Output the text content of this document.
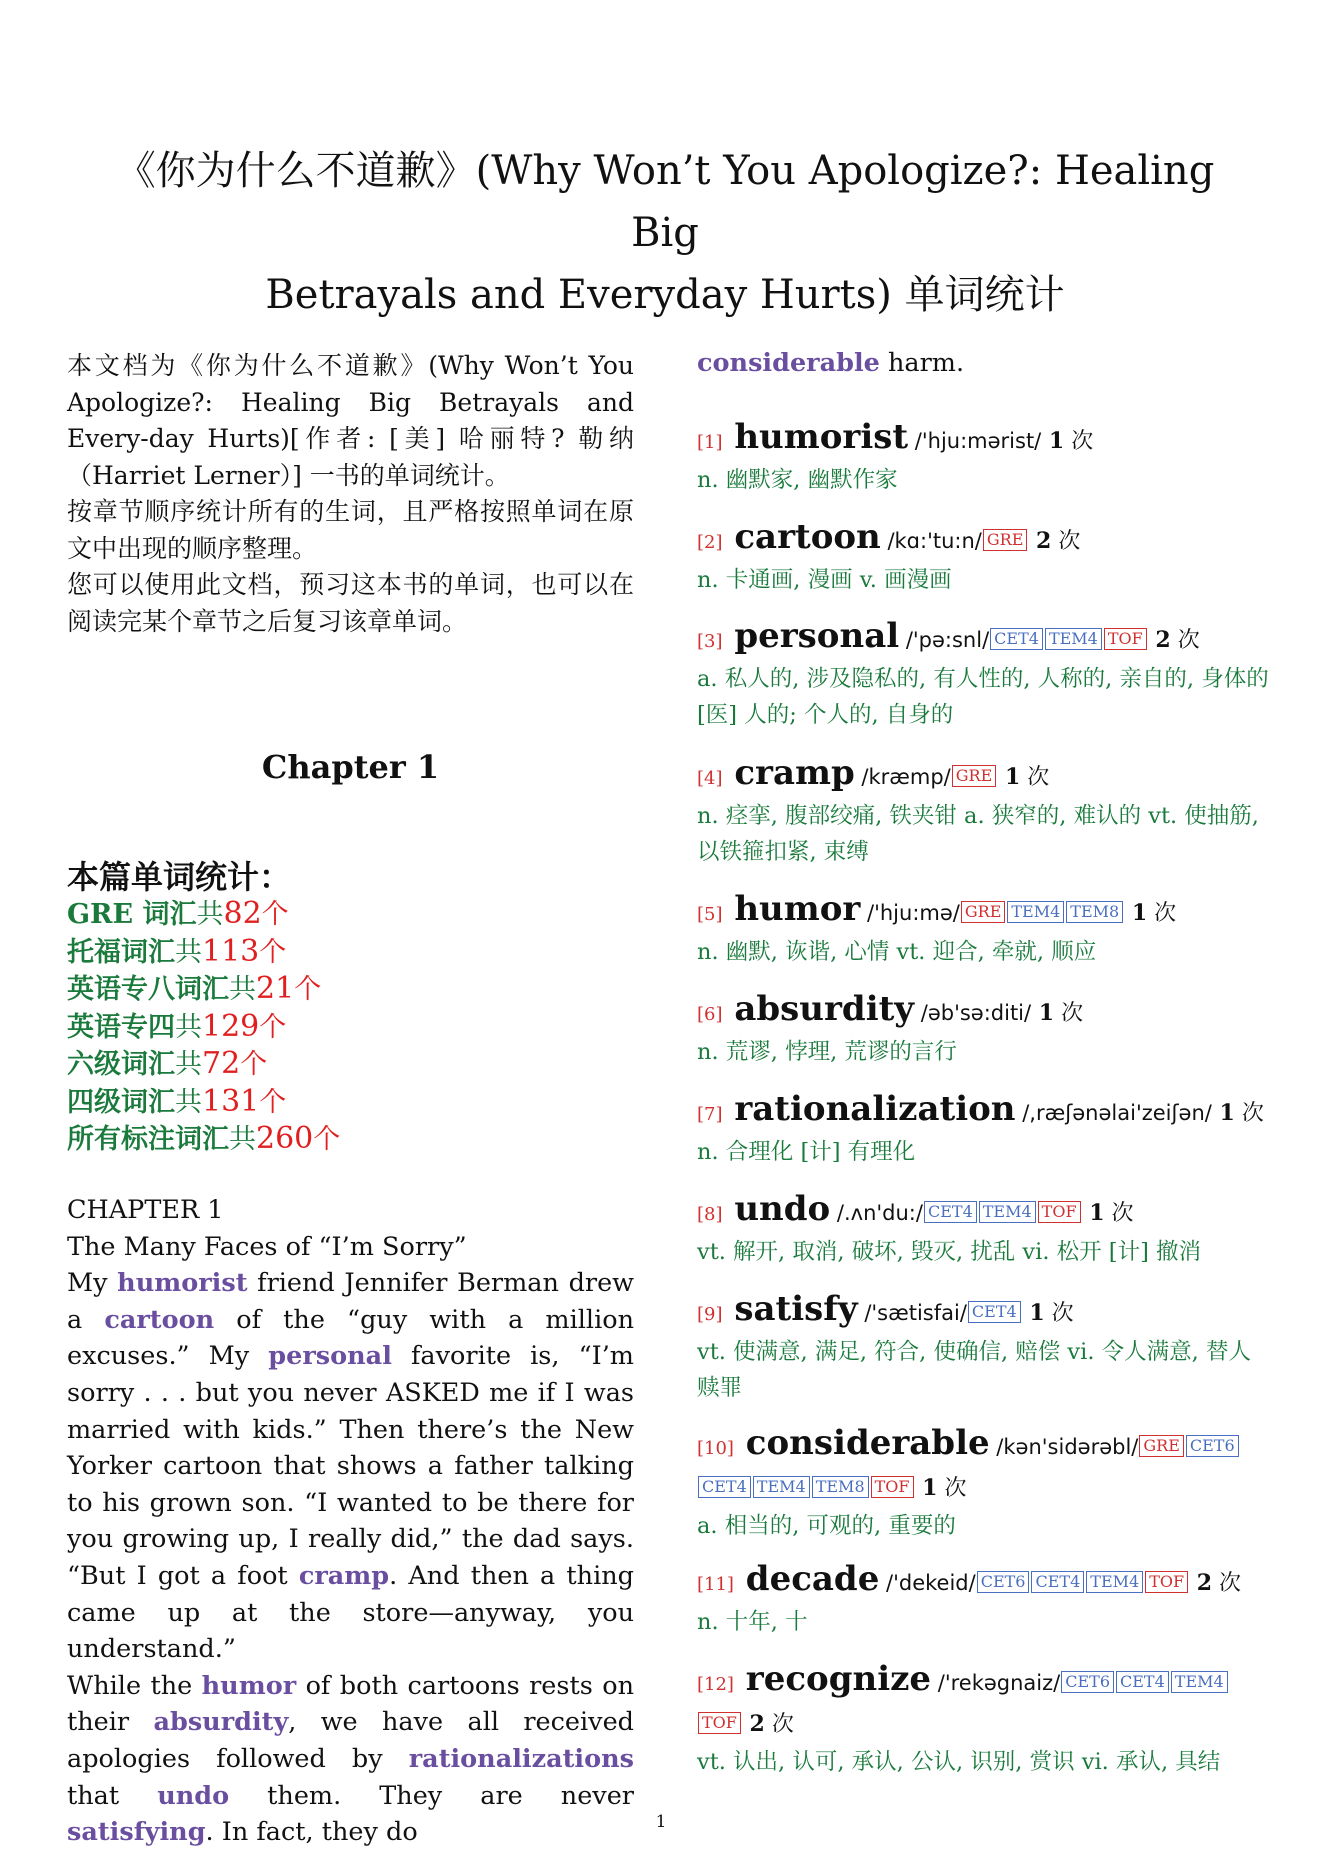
《你为什么不道歉》(Why Won’t You Apologize?: Healing Big
Betrayals and Everyday Hurts) 单词统计
本文档为《你为什么不道歉》(Why Won’t You Apologize?: Healing Big Betrayals and Every-day Hurts)[作者: [美] 哈丽特? 勒纳（Harriet Lerner）] 一书的单词统计。
按章节顺序统计所有的生词，且严格按照单词在原文中出现的顺序整理。
您可以使用此文档，预习这本书的单词，也可以在阅读完某个章节之后复习该章单词。
Chapter 1
本篇单词统计：
GRE 词汇共82个
托福词汇共113个
英语专八词汇共21个
英语专四共129个
六级词汇共72个
四级词汇共131个
所有标注词汇共260个
CHAPTER 1
The Many Faces of “I’m Sorry”
My humorist friend Jennifer Berman drew a cartoon of the “guy with a million excuses.” My personal favorite is, “I’m sorry . . . but you never ASKED me if I was married with kids.” Then there’s the New Yorker cartoon that shows a father talking to his grown son. “I wanted to be there for you growing up, I really did,” the dad says. “But I got a foot cramp. And then a thing came up at the store—anyway, you understand.”
While the humor of both cartoons rests on their absurdity, we have all received apologies followed by rationalizations that undo them. They are never satisfying. In fact, they do
considerable harm.
[1] humorist /'hju:mərist/ 1 次
n. 幽默家, 幽默作家
[2] cartoon /kɑ:'tu:n/ GRE 2 次
n. 卡通画, 漫画 v. 画漫画
[3] personal /'pə:snl/ CET4 TEM4 TOF 2 次
a. 私人的, 涉及隐私的, 有人性的, 人称的, 亲自的, 身体的 [医] 人的; 个人的, 自身的
[4] cramp /kræmp/ GRE 1 次
n. 痉挛, 腹部绞痛, 铁夹钳 a. 狭窄的, 难认的 vt. 使抽筋, 以铁箍扣紧, 束缚
[5] humor /'hju:mə/ GRE TEM4 TEM8 1 次
n. 幽默, 诙谐, 心情 vt. 迎合, 牵就, 顺应
[6] absurdity /əb'sə:diti/ 1 次
n. 荒谬, 悖理, 荒谬的言行
[7] rationalization /,ræʃənəlai'zeiʃən/ 1 次
n. 合理化 [计] 有理化
[8] undo /.ʌn'du:/ CET4 TEM4 TOF 1 次
vt. 解开, 取消, 破坏, 毁灭, 扰乱 vi. 松开 [计] 撤消
[9] satisfy /'sætisfai/ CET4 1 次
vt. 使满意, 满足, 符合, 使确信, 赔偿 vi. 令人满意, 替人赎罪
[10] considerable /kən'sidərəbl/ GRE CET6CET4 TEM4 TEM8 TOF 1 次
a. 相当的, 可观的, 重要的
[11] decade /'dekeid/ CET6 CET4 TEM4 TOF 2 次
n. 十年, 十
[12] recognize /'rekəgnaiz/ CET6 CET4 TEM4TOF 2 次
vt. 认出, 认可, 承认, 公认, 识别, 赏识 vi. 承认, 具结
1
